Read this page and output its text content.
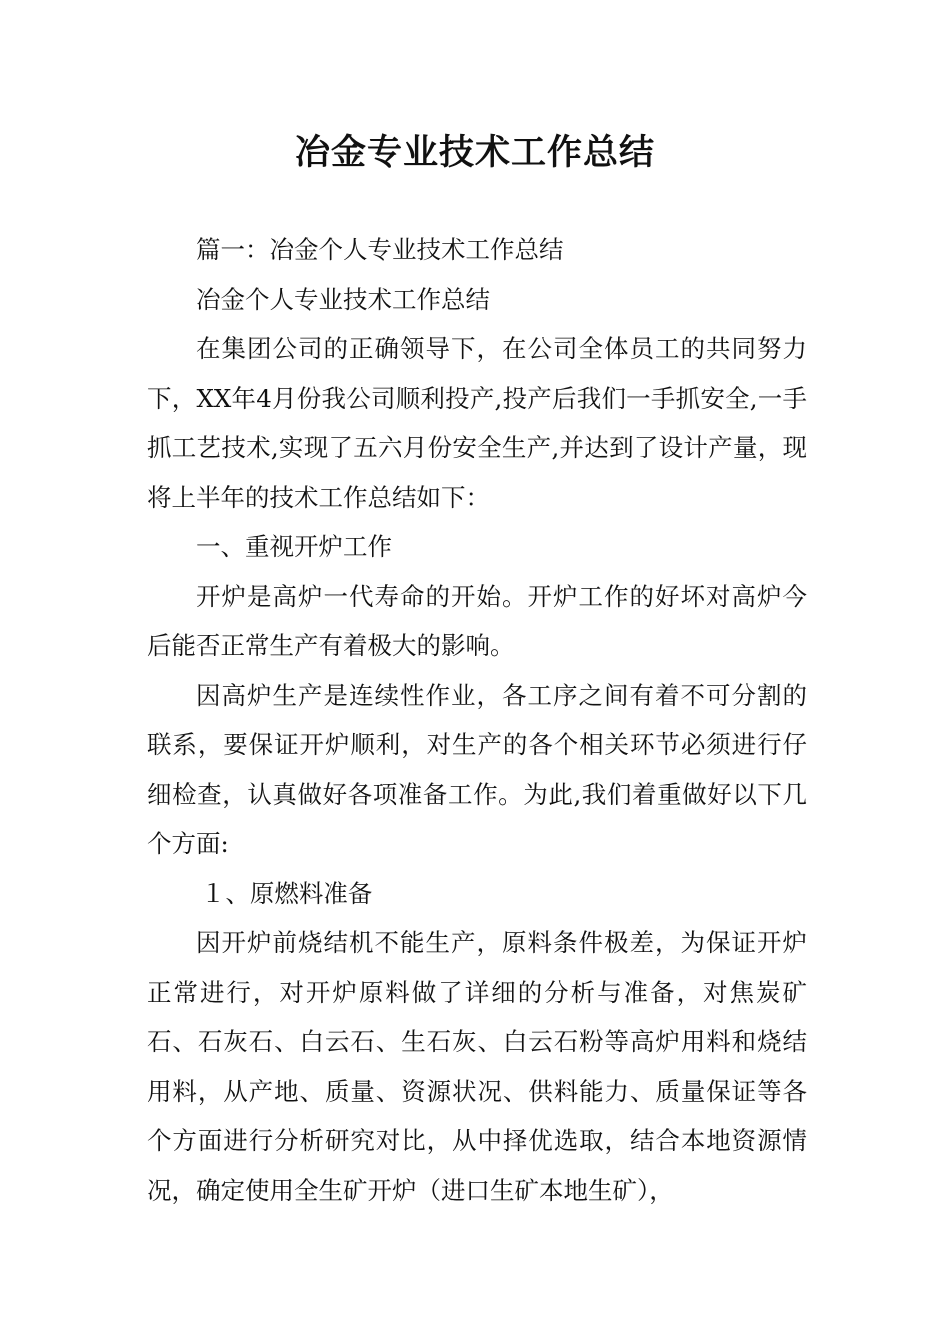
冶金专业技术工作总结

篇一：冶金个人专业技术工作总结

冶金个人专业技术工作总结

在集团公司的正确领导下，在公司全体员工的共同努力下，XX年4月份我公司顺利投产,投产后我们一手抓安全,一手抓工艺技术,实现了五六月份安全生产,并达到了设计产量，现将上半年的技术工作总结如下：

一、重视开炉工作

开炉是高炉一代寿命的开始。开炉工作的好坏对高炉今后能否正常生产有着极大的影响。

因高炉生产是连续性作业，各工序之间有着不可分割的联系，要保证开炉顺利，对生产的各个相关环节必须进行仔细检查，认真做好各项准备工作。为此,我们着重做好以下几个方面:

１、原燃料准备

因开炉前烧结机不能生产，原料条件极差，为保证开炉正常进行，对开炉原料做了详细的分析与准备，对焦炭矿石、石灰石、白云石、生石灰、白云石粉等高炉用料和烧结用料，从产地、质量、资源状况、供料能力、质量保证等各个方面进行分析研究对比，从中择优选取，结合本地资源情况，确定使用全生矿开炉（进口生矿本地生矿），
